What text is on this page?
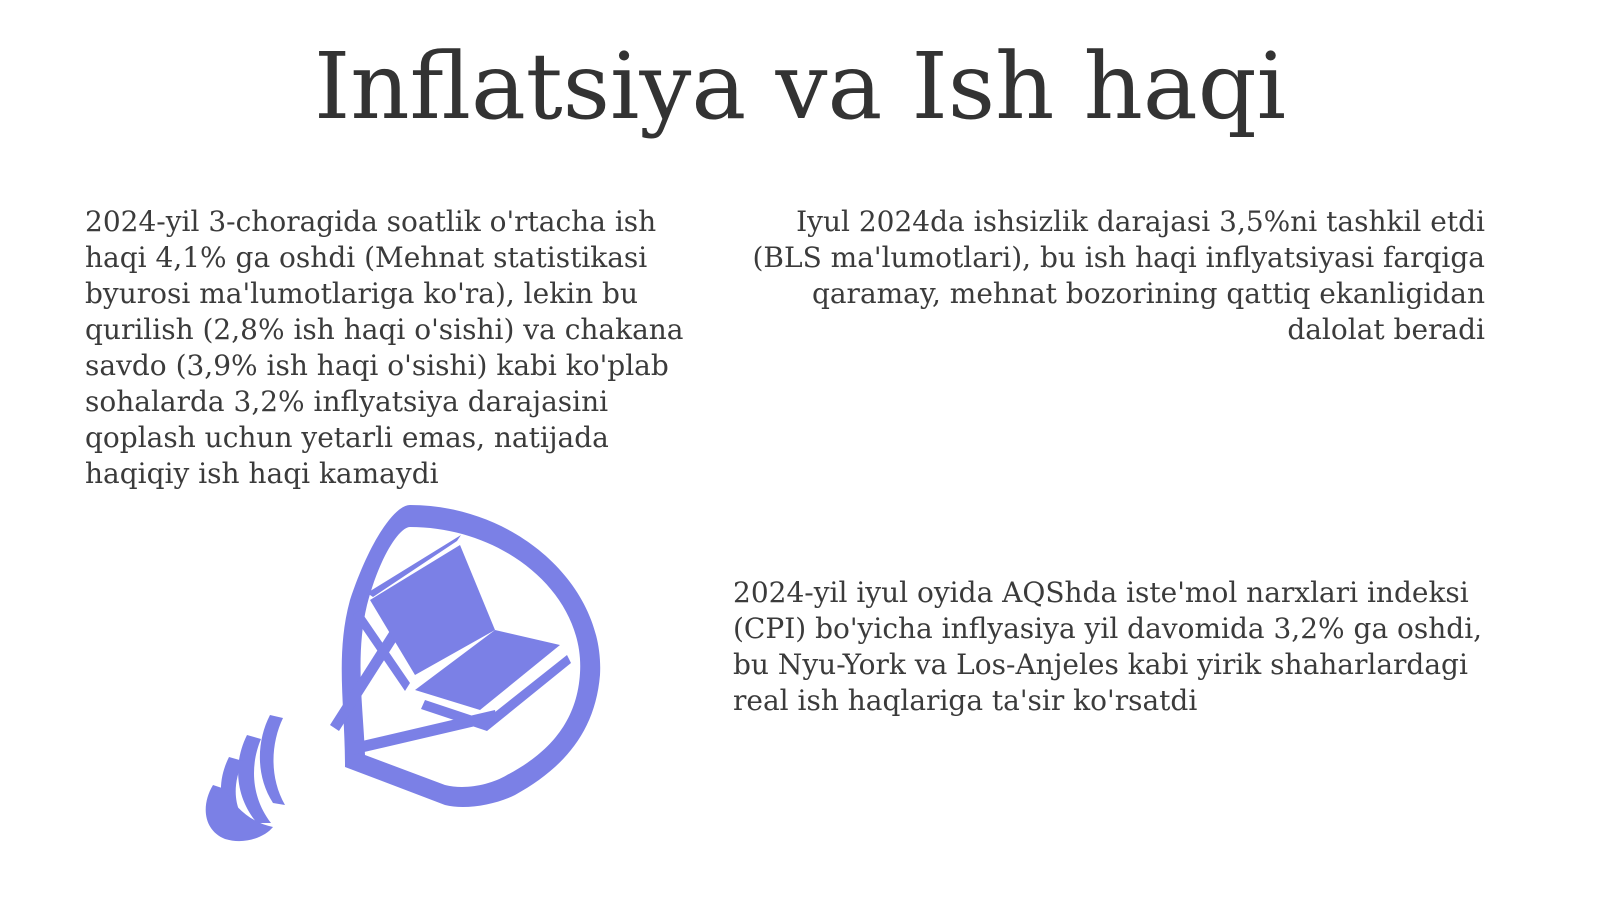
Inflatsiya va Ish haqi
2024-yil 3-choragida soatlik o'rtacha ish haqi 4,1% ga oshdi (Mehnat statistikasi byurosi ma'lumotlariga ko'ra), lekin bu qurilish (2,8% ish haqi o'sishi) va chakana savdo (3,9% ish haqi o'sishi) kabi ko'plab sohalarda 3,2% inflyatsiya darajasini qoplash uchun yetarli emas, natijada haqiqiy ish haqi kamaydi
Iyul 2024da ishsizlik darajasi 3,5%ni tashkil etdi (BLS ma'lumotlari), bu ish haqi inflyatsiyasi farqiga qaramay, mehnat bozorining qattiq ekanligidan dalolat beradi
2024-yil iyul oyida AQShda iste'mol narxlari indeksi (CPI) bo'yicha inflyasiya yil davomida 3,2% ga oshdi, bu Nyu-York va Los-Anjeles kabi yirik shaharlardagi real ish haqlariga ta'sir ko'rsatdi
